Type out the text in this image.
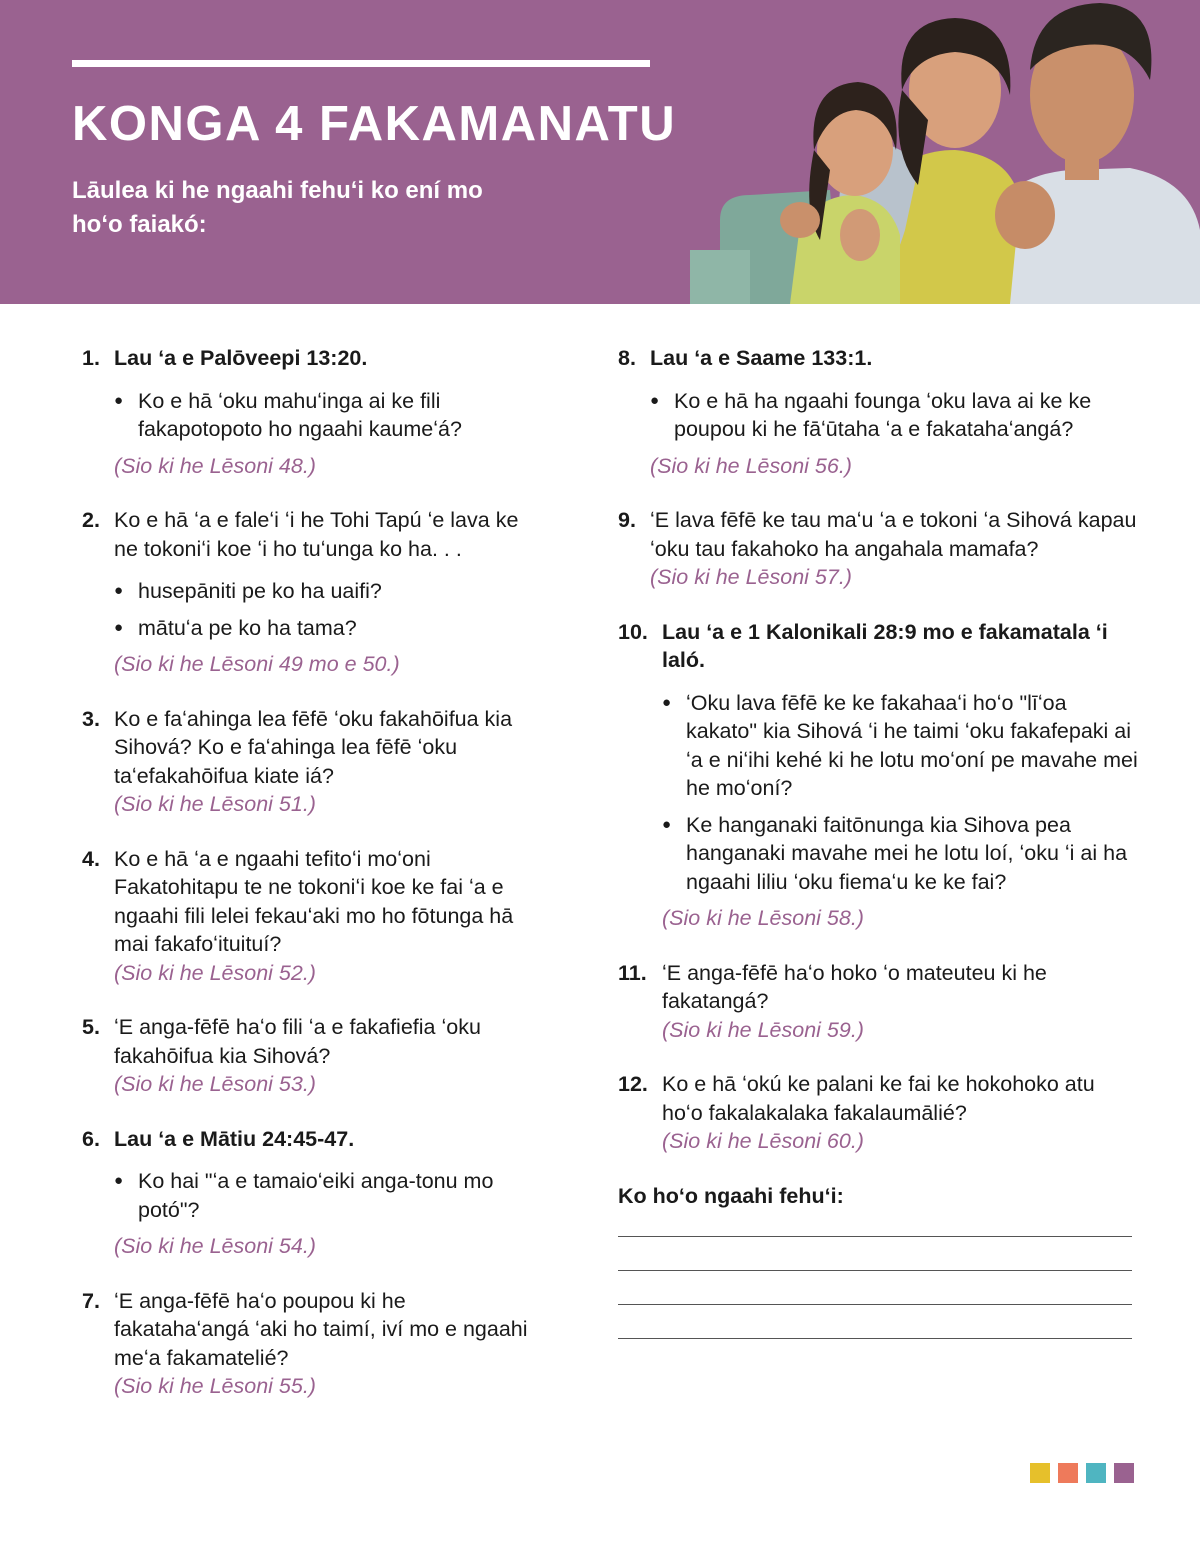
KONGA 4 FAKAMANATU
Lāulea ki he ngaahi fehuʻi ko ení mo hoʻo faiakó:
1. Lau ʻa e Palōveepi 13:20.
● Ko e hā ʻoku mahuʻinga ai ke fili fakapotopoto ho ngaahi kaumeʻá?
(Sio ki he Lēsoni 48.)
2. Ko e hā ʻa e faleʻi ʻi he Tohi Tapú ʻe lava ke ne tokoniʻi koe ʻi ho tuʻunga ko ha. . .
● husepāniti pe ko ha uaifi?
● mātuʻa pe ko ha tama?
(Sio ki he Lēsoni 49 mo e 50.)
3. Ko e faʻahinga lea fēfē ʻoku fakahōifua kia Sihová? Ko e faʻahinga lea fēfē ʻoku taʻefakahōifua kiate iá?
(Sio ki he Lēsoni 51.)
4. Ko e hā ʻa e ngaahi tefitoʻi moʻoni Fakatohitapu te ne tokoniʻi koe ke fai ʻa e ngaahi fili lelei fekauʻaki mo ho fōtunga hā mai fakafoʻituituí?
(Sio ki he Lēsoni 52.)
5. ʻE anga-fēfē haʻo fili ʻa e fakafiefia ʻoku fakahōifua kia Sihová?
(Sio ki he Lēsoni 53.)
6. Lau ʻa e Mātiu 24:45-47.
● Ko hai "ʻa e tamaioʻeiki anga-tonu mo potó"?
(Sio ki he Lēsoni 54.)
7. ʻE anga-fēfē haʻo poupou ki he fakatahaʻangá ʻaki ho taimí, iví mo e ngaahi meʻa fakamatelié?
(Sio ki he Lēsoni 55.)
8. Lau ʻa e Saame 133:1.
● Ko e hā ha ngaahi founga ʻoku lava ai ke ke poupou ki he fāʻūtaha ʻa e fakatahaʻangá?
(Sio ki he Lēsoni 56.)
9. ʻE lava fēfē ke tau maʻu ʻa e tokoni ʻa Sihová kapau ʻoku tau fakahoko ha angahala mamafa?
(Sio ki he Lēsoni 57.)
10. Lau ʻa e 1 Kalonikali 28:9 mo e fakamatala ʻi laló.
● ʻOku lava fēfē ke ke fakahaaʻi hoʻo "līʻoa kakato" kia Sihová ʻi he taimi ʻoku fakafepaki ai ʻa e niʻihi kehé ki he lotu moʻoní pe mavahe mei he moʻoní?
● Ke hanganaki faitōnunga kia Sihova pea hanganaki mavahe mei he lotu loí, ʻoku ʻi ai ha ngaahi liliu ʻoku fiemaʻu ke ke fai?
(Sio ki he Lēsoni 58.)
11. ʻE anga-fēfē haʻo hoko ʻo mateuteu ki he fakatangá?
(Sio ki he Lēsoni 59.)
12. Ko e hā ʻokú ke palani ke fai ke hokohoko atu hoʻo fakalakalaka fakalaumālié?
(Sio ki he Lēsoni 60.)
Ko hoʻo ngaahi fehuʻi:
